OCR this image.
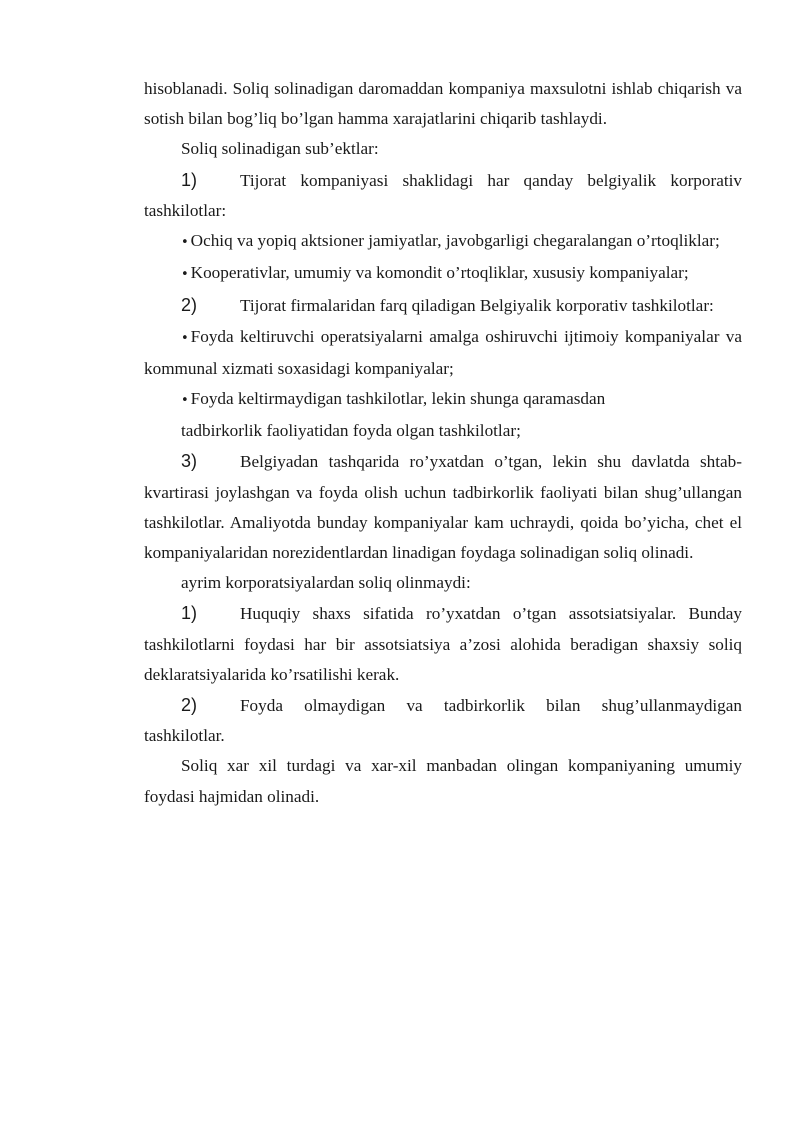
hisoblanadi. Soliq solinadigan daromaddan kompaniya maxsulotni ishlab chiqarish va sotish bilan bog’liq bo’lgan hamma xarajatlarini chiqarib tashlaydi.

Soliq solinadigan sub’ektlar:

1) Tijorat kompaniyasi shaklidagi har qanday belgiyalik korporativ tashkilotlar:

• Ochiq va yopiq aktsioner jamiyatlar, javobgarligi chegaralangan o’rtoqliklar;

• Kooperativlar, umumiy va komondit o’rtoqliklar, xususiy kompaniyalar;

2) Tijorat firmalaridan farq qiladigan Belgiyalik korporativ tashkilotlar:

• Foyda keltiruvchi operatsiyalarni amalga oshiruvchi ijtimoiy kompaniyalar va kommunal xizmati soxasidagi kompaniyalar;

• Foyda keltirmaydigan tashkilotlar, lekin shunga qaramasdan

tadbirkorlik faoliyatidan foyda olgan tashkilotlar;

3) Belgiyadan tashqarida ro’yxatdan o’tgan, lekin shu davlatda shtab-kvartirasi joylashgan va foyda olish uchun tadbirkorlik faoliyati bilan shug’ullangan tashkilotlar. Amaliyotda bunday kompaniyalar kam uchraydi, qoida bo’yicha, chet el kompaniyalaridan norezidentlardan linadigan foydaga solinadigan soliq olinadi.

ayrim korporatsiyalardan soliq olinmaydi:

1) Huquqiy shaxs sifatida ro’yxatdan o’tgan assotsiatsiyalar. Bunday tashkilotlarni foydasi har bir assotsiatsiya a’zosi alohida beradigan shaxsiy soliq deklaratsiyalarida ko’rsatilishi kerak.

2) Foyda olmaydigan va tadbirkorlik bilan shug’ullanmaydigan tashkilotlar.

Soliq xar xil turdagi va xar-xil manbadan olingan kompaniyaning umumiy foydasi hajmidan olinadi.
